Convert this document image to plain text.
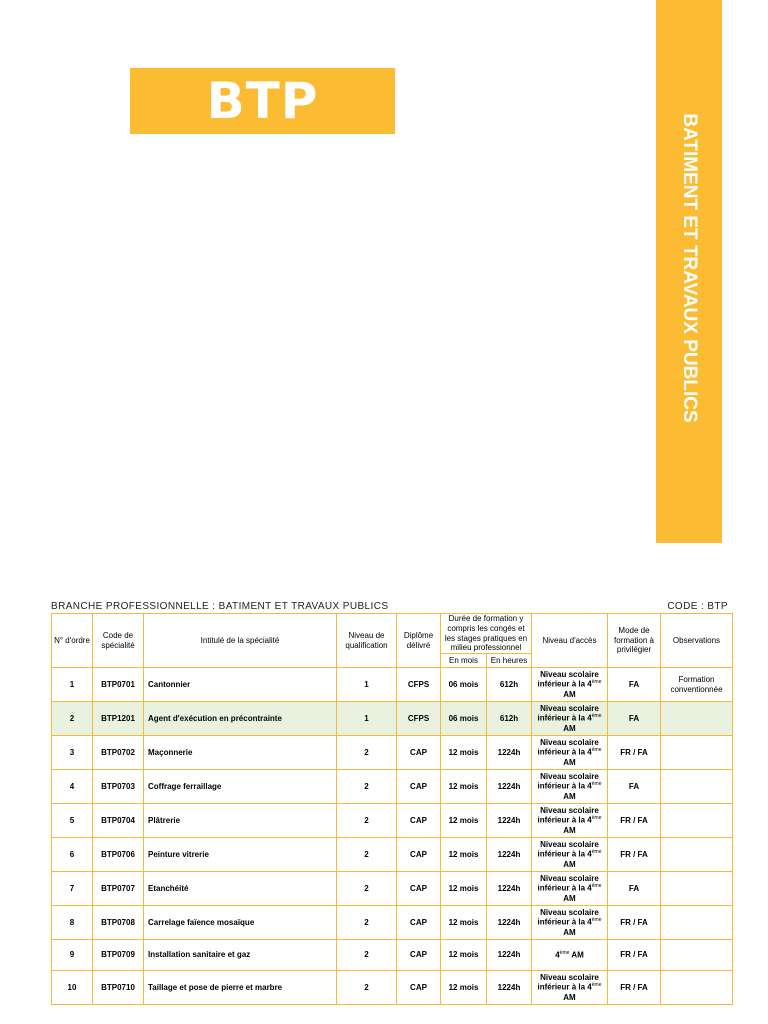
BTP
BATIMENT ET TRAVAUX PUBLICS
BRANCHE PROFESSIONNELLE : BATIMENT ET TRAVAUX PUBLICS	CODE : BTP
N° d'ordre	Code de spécialité	Intitulé de la spécialité	Niveau de qualification	Diplôme délivré	Durée de formation y compris les congés et les stages pratiques en milieu professionnel		Niveau d'accès	Mode de formation à privilégier	Observations
					En mois	En heures			
1	BTP0701	Cantonnier	1	CFPS	06 mois	612h	Niveau scolaire inférieur à la 4ème AM	FA	Formation conventionnée
2	BTP1201	Agent d'exécution en précontrainte	1	CFPS	06 mois	612h	Niveau scolaire inférieur à la 4ème AM	FA	
3	BTP0702	Maçonnerie	2	CAP	12 mois	1224h	Niveau scolaire inférieur à la 4ème AM	FR / FA	
4	BTP0703	Coffrage ferraillage	2	CAP	12 mois	1224h	Niveau scolaire inférieur à la 4ème AM	FA	
5	BTP0704	Plâtrerie	2	CAP	12 mois	1224h	Niveau scolaire inférieur à la 4ème AM	FR / FA	
6	BTP0706	Peinture vitrerie	2	CAP	12 mois	1224h	Niveau scolaire inférieur à la 4ème AM	FR / FA	
7	BTP0707	Etanchéité	2	CAP	12 mois	1224h	Niveau scolaire inférieur à la 4ème AM	FA	
8	BTP0708	Carrelage faïence mosaïque	2	CAP	12 mois	1224h	Niveau scolaire inférieur à la 4ème AM	FR / FA	
9	BTP0709	Installation sanitaire et gaz	2	CAP	12 mois	1224h	4ème AM	FR / FA	
10	BTP0710	Taillage et pose de pierre et marbre	2	CAP	12 mois	1224h	Niveau scolaire inférieur à la 4ème AM	FR / FA	
